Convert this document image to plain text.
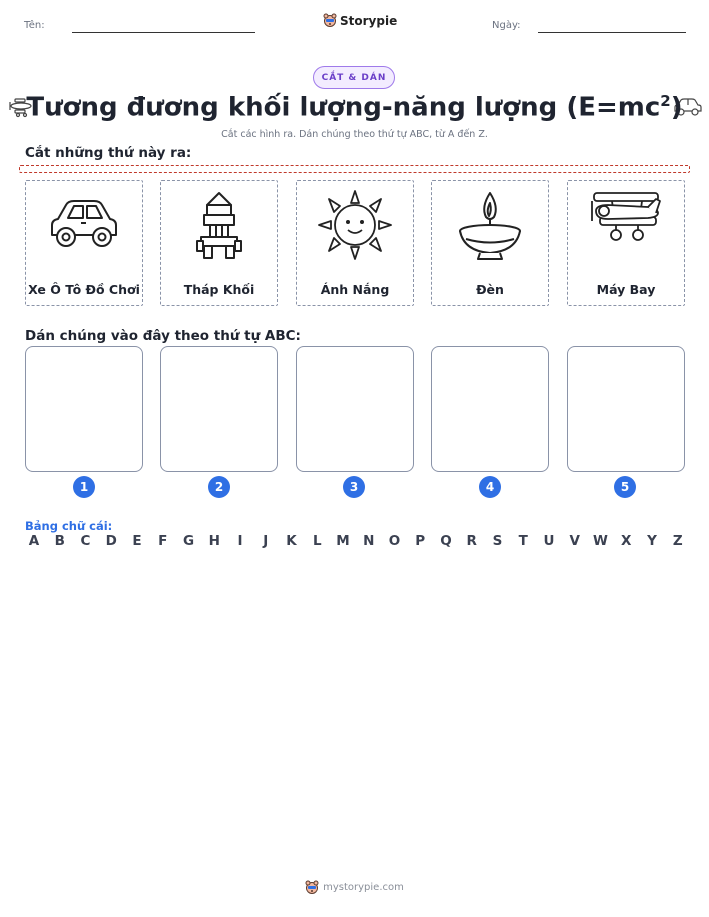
Tên:	Storypie	Ngày:
CẮT & DÁN
Tương đương khối lượng-năng lượng $(E=mc^2)$
Cắt các hình ra. Dán chúng theo thứ tự ABC, từ A đến Z.
Cắt những thứ này ra:
Xe Ô Tô Đồ Chơi	Tháp Khối	Ánh Nắng	Đèn	Máy Bay
Dán chúng vào đây theo thứ tự ABC:
1	2	3	4	5
Bảng chữ cái:
A B C D E F G H	I	J	K L M N O P Q R S T U V W X Y Z
mystorypie.com
